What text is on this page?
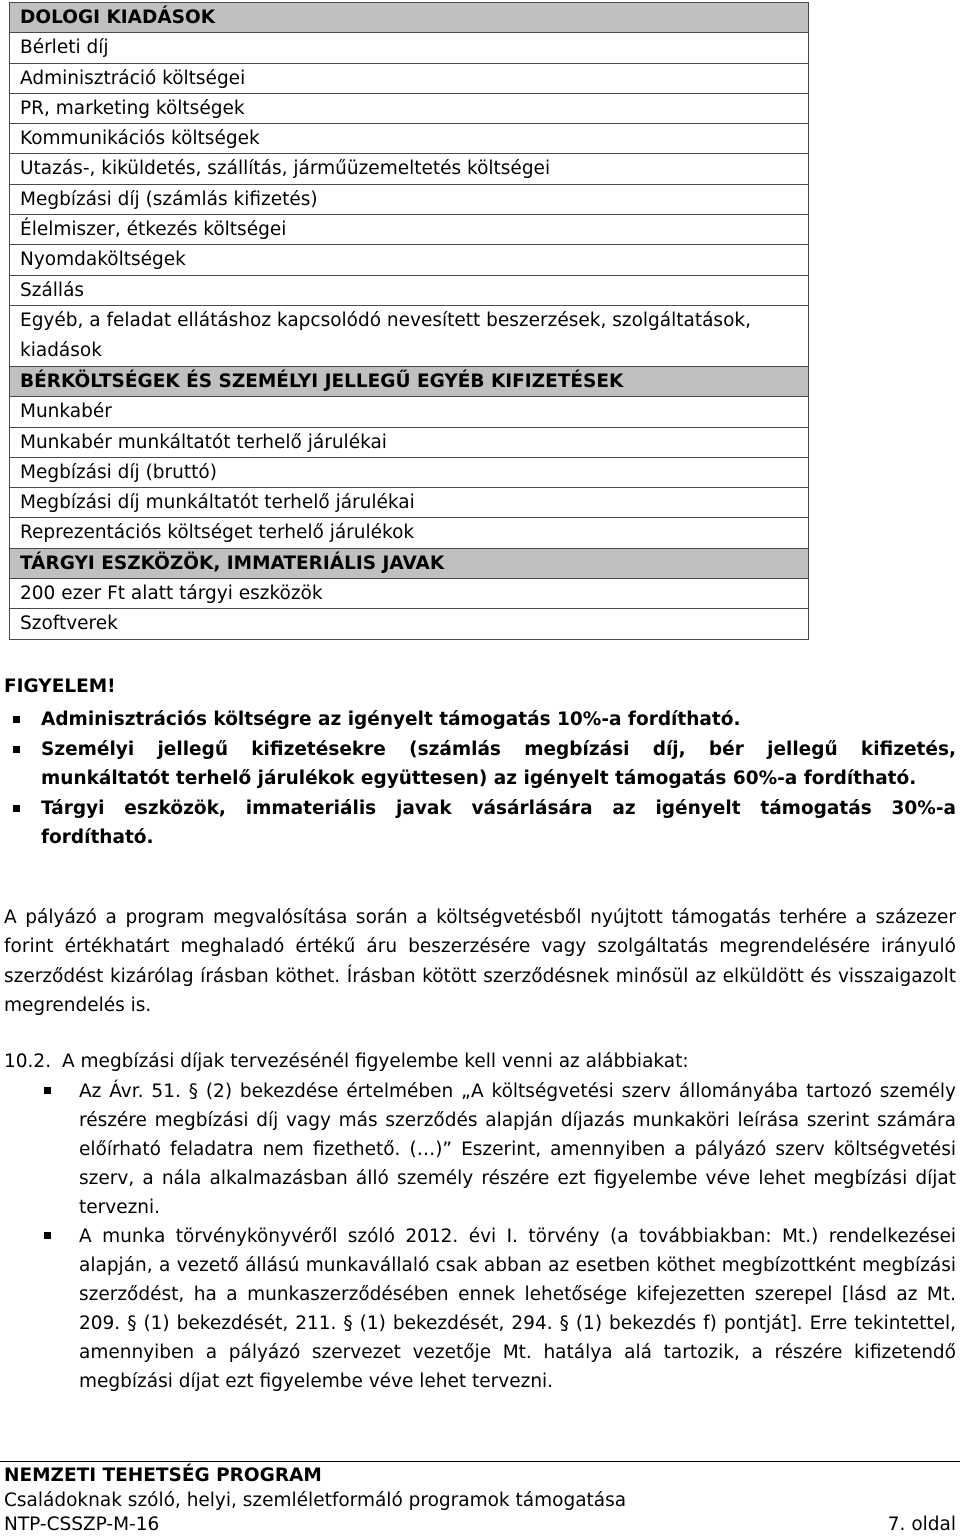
DOLOGI KIADÁSOK
Bérleti díj
Adminisztráció költségei
PR, marketing költségek
Kommunikációs költségek
Utazás-, kiküldetés, szállítás, járműüzemeltetés költségei
Megbízási díj (számlás kifizetés)
Élelmiszer, étkezés költségei
Nyomdaköltségek
Szállás
Egyéb, a feladat ellátáshoz kapcsolódó nevesített beszerzések, szolgáltatások, kiadások
BÉRKÖLTSÉGEK ÉS SZEMÉLYI JELLEGŰ EGYÉB KIFIZETÉSEK
Munkabér
Munkabér munkáltatót terhelő járulékai
Megbízási díj (bruttó)
Megbízási díj munkáltatót terhelő járulékai
Reprezentációs költséget terhelő járulékok
TÁRGYI ESZKÖZÖK, IMMATERIÁLIS JAVAK
200 ezer Ft alatt tárgyi eszközök
Szoftverek
FIGYELEM!
Adminisztrációs költségre az igényelt támogatás 10%-a fordítható.
Személyi jellegű kifizetésekre (számlás megbízási díj, bér jellegű kifizetés, munkáltatót terhelő járulékok együttesen) az igényelt támogatás 60%-a fordítható.
Tárgyi eszközök, immateriális javak vásárlására az igényelt támogatás 30%-a fordítható.

A pályázó a program megvalósítása során a költségvetésből nyújtott támogatás terhére a százezer forint értékhatárt meghaladó értékű áru beszerzésére vagy szolgáltatás megrendelésére irányuló szerződést kizárólag írásban köthet. Írásban kötött szerződésnek minősül az elküldött és visszaigazolt megrendelés is.

10.2. A megbízási díjak tervezésénél figyelembe kell venni az alábbiakat:
Az Ávr. 51. § (2) bekezdése értelmében „A költségvetési szerv állományába tartozó személy részére megbízási díj vagy más szerződés alapján díjazás munkaköri leírása szerint számára előírható feladatra nem fizethető. (…)” Eszerint, amennyiben a pályázó szerv költségvetési szerv, a nála alkalmazásban álló személy részére ezt figyelembe véve lehet megbízási díjat tervezni.
A munka törvénykönyvéről szóló 2012. évi I. törvény (a továbbiakban: Mt.) rendelkezései alapján, a vezető állású munkavállaló csak abban az esetben köthet megbízottként megbízási szerződést, ha a munkaszerződésében ennek lehetősége kifejezetten szerepel [lásd az Mt. 209. § (1) bekezdését, 211. § (1) bekezdését, 294. § (1) bekezdés f) pontját]. Erre tekintettel, amennyiben a pályázó szervezet vezetője Mt. hatálya alá tartozik, a részére kifizetendő megbízási díjat ezt figyelembe véve lehet tervezni.
NEMZETI TEHETSÉG PROGRAM
Családoknak szóló, helyi, szemléletformáló programok támogatása
NTP-CSSZP-M-16	7. oldal
